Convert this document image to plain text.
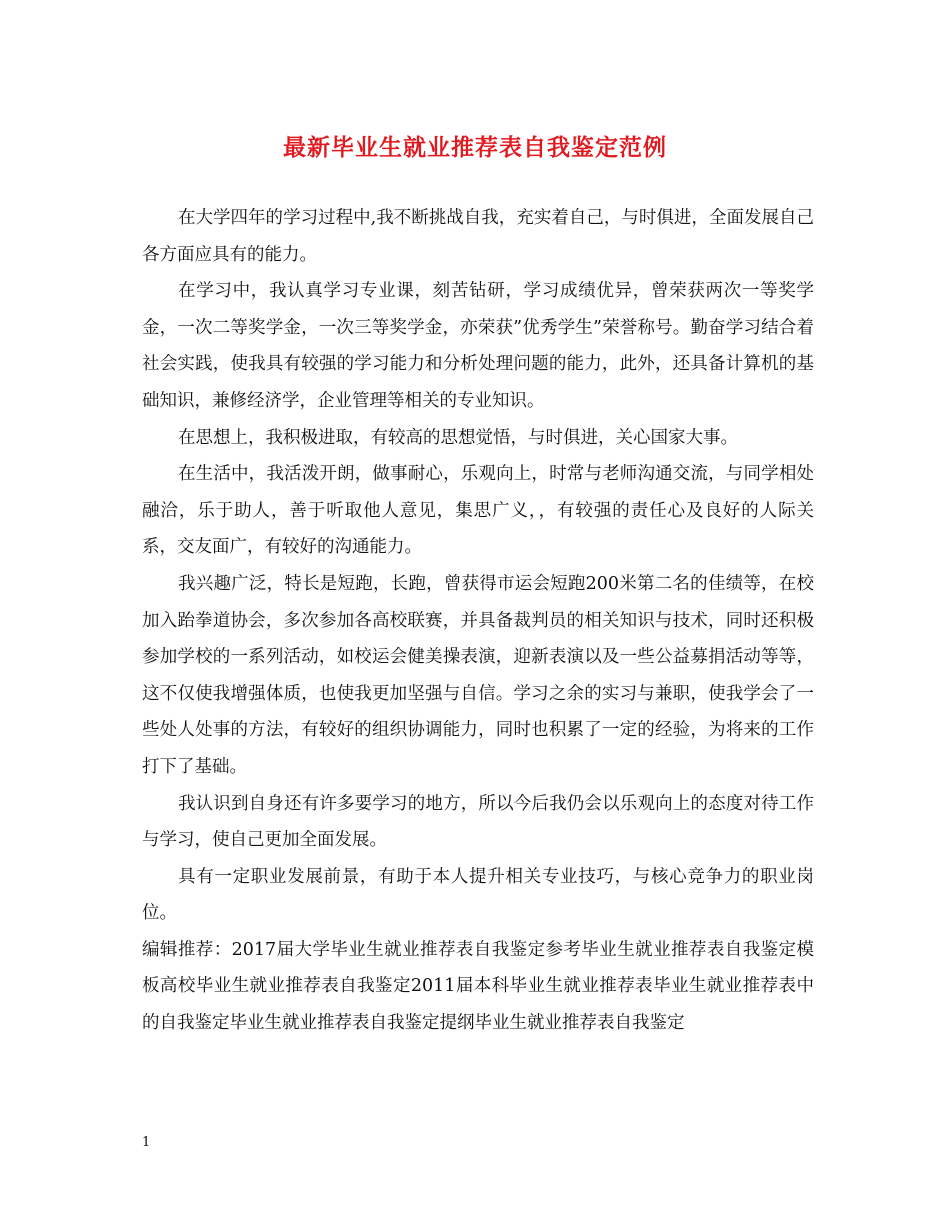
最新毕业生就业推荐表自我鉴定范例

在大学四年的学习过程中,我不断挑战自我，充实着自己，与时俱进，全面发展自己各方面应具有的能力。

在学习中，我认真学习专业课，刻苦钻研，学习成绩优异，曾荣获两次一等奖学金，一次二等奖学金，一次三等奖学金，亦荣获”优秀学生”荣誉称号。勤奋学习结合着社会实践，使我具有较强的学习能力和分析处理问题的能力，此外，还具备计算机的基础知识，兼修经济学，企业管理等相关的专业知识。

在思想上，我积极进取，有较高的思想觉悟，与时俱进，关心国家大事。

在生活中，我活泼开朗，做事耐心，乐观向上，时常与老师沟通交流，与同学相处融洽，乐于助人，善于听取他人意见，集思广义，，有较强的责任心及良好的人际关系，交友面广，有较好的沟通能力。

我兴趣广泛，特长是短跑，长跑，曾获得市运会短跑200米第二名的佳绩等，在校加入跆拳道协会，多次参加各高校联赛，并具备裁判员的相关知识与技术，同时还积极参加学校的一系列活动，如校运会健美操表演，迎新表演以及一些公益募捐活动等等，这不仅使我增强体质，也使我更加坚强与自信。学习之余的实习与兼职，使我学会了一些处人处事的方法，有较好的组织协调能力，同时也积累了一定的经验，为将来的工作打下了基础。

我认识到自身还有许多要学习的地方，所以今后我仍会以乐观向上的态度对待工作与学习，使自己更加全面发展。

具有一定职业发展前景，有助于本人提升相关专业技巧，与核心竞争力的职业岗位。

编辑推荐：2017届大学毕业生就业推荐表自我鉴定参考毕业生就业推荐表自我鉴定模板高校毕业生就业推荐表自我鉴定2011届本科毕业生就业推荐表毕业生就业推荐表中的自我鉴定毕业生就业推荐表自我鉴定提纲毕业生就业推荐表自我鉴定

1
